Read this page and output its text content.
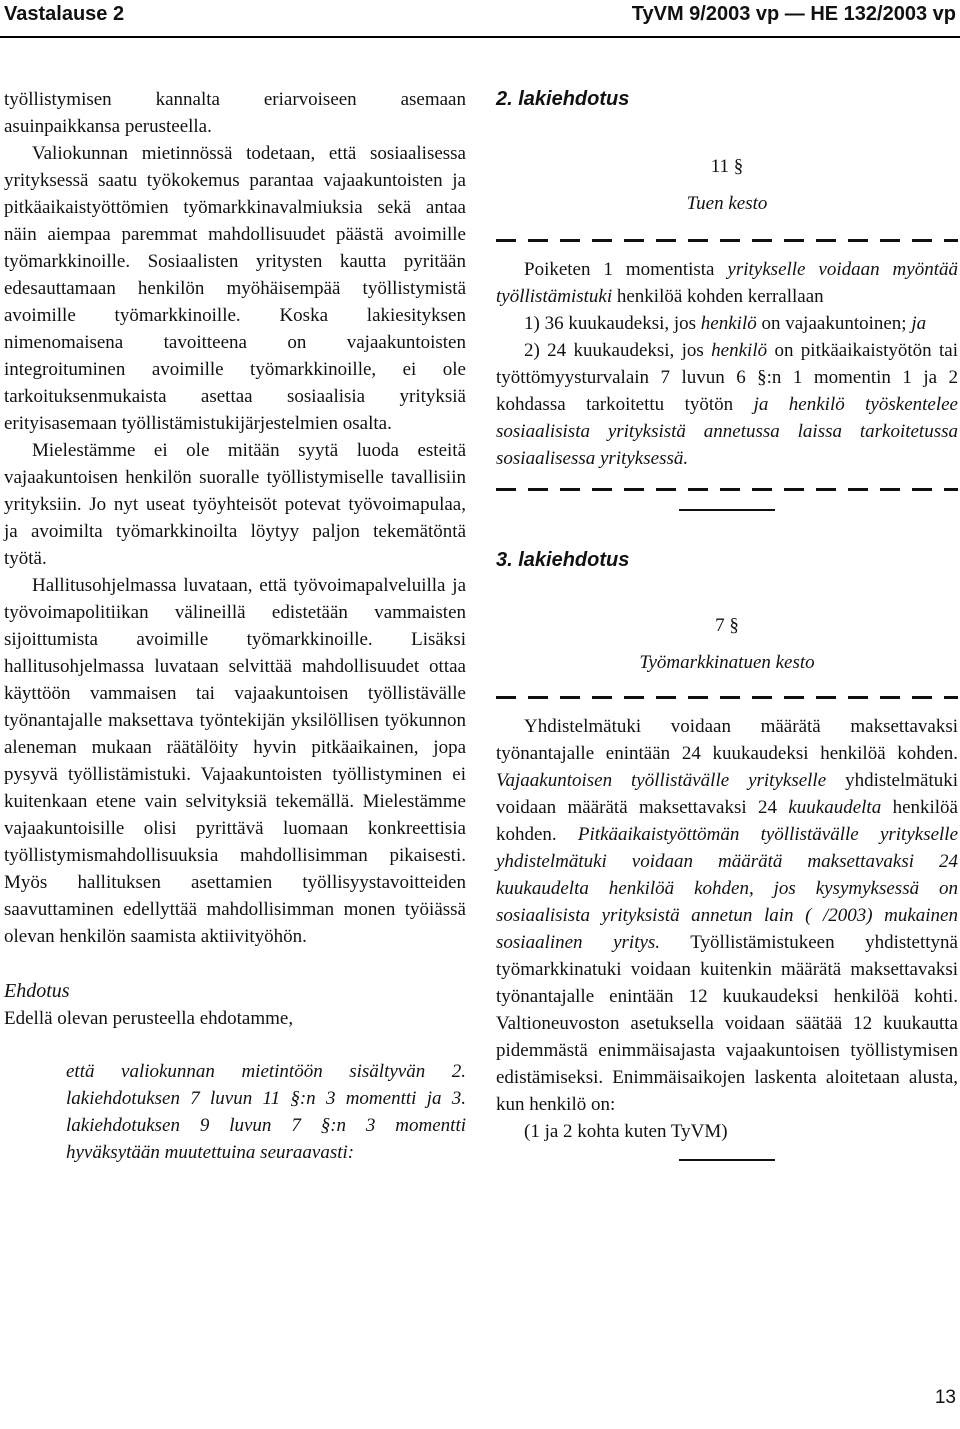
Vastalause 2	TyVM 9/2003 vp — HE 132/2003 vp

työllistymisen kannalta eriarvoiseen asemaan asuinpaikkansa perusteella.

Valiokunnan mietinnössä todetaan, että sosiaalisessa yrityksessä saatu työkokemus parantaa vajaakuntoisten ja pitkäaikaistyöttömien työmarkkinavalmiuksia sekä antaa näin aiempaa paremmat mahdollisuudet päästä avoimille työmarkkinoille. Sosiaalisten yritysten kautta pyritään edesauttamaan henkilön myöhäisempää työllistymistä avoimille työmarkkinoille. Koska lakiesityksen nimenomaisena tavoitteena on vajaakuntoisten integroituminen avoimille työmarkkinoille, ei ole tarkoituksenmukaista asettaa sosiaalisia yrityksiä erityisasemaan työllistämistukijärjestelmien osalta.

Mielestämme ei ole mitään syytä luoda esteitä vajaakuntoisen henkilön suoralle työllistymiselle tavallisiin yrityksiin. Jo nyt useat työyhteisöt potevat työvoimapulaa, ja avoimilta työmarkkinoilta löytyy paljon tekemätöntä työtä.

Hallitusohjelmassa luvataan, että työvoimapalveluilla ja työvoimapolitiikan välineillä edistetään vammaisten sijoittumista avoimille työmarkkinoille. Lisäksi hallitusohjelmassa luvataan selvittää mahdollisuudet ottaa käyttöön vammaisen tai vajaakuntoisen työllistävälle työnantajalle maksettava työntekijän yksilöllisen työkunnon aleneman mukaan räätälöity hyvin pitkäaikainen, jopa pysyvä työllistämistuki. Vajaakuntoisten työllistyminen ei kuitenkaan etene vain selvityksiä tekemällä. Mielestämme vajaakuntoisille olisi pyrittävä luomaan konkreettisia työllistymismahdollisuuksia mahdollisimman pikaisesti. Myös hallituksen asettamien työllisyystavoitteiden saavuttaminen edellyttää mahdollisimman monen työiässä olevan henkilön saamista aktiivityöhön.

Ehdotus

Edellä olevan perusteella ehdotamme,

että valiokunnan mietintöön sisältyvän 2. lakiehdotuksen 7 luvun 11 §:n 3 momentti ja 3. lakiehdotuksen 9 luvun 7 §:n 3 momentti hyväksytään muutettuina seuraavasti:

2. lakiehdotus

11 §

Tuen kesto

Poiketen 1 momentista yritykselle voidaan myöntää työllistämistuki henkilöä kohden kerrallaan

1) 36 kuukaudeksi, jos henkilö on vajaakuntoinen; ja

2) 24 kuukaudeksi, jos henkilö on pitkäaikaistyötön tai työttömyysturvalain 7 luvun 6 §:n 1 momentin 1 ja 2 kohdassa tarkoitettu työtön ja henkilö työskentelee sosiaalisista yrityksistä annetussa laissa tarkoitetussa sosiaalisessa yrityksessä.

3. lakiehdotus

7 §

Työmarkkinatuen kesto

Yhdistelmätuki voidaan määrätä maksettavaksi työnantajalle enintään 24 kuukaudeksi henkilöä kohden. Vajaakuntoisen työllistävälle yritykselle yhdistelmätuki voidaan määrätä maksettavaksi 24 kuukaudelta henkilöä kohden. Pitkäaikaistyöttömän työllistävälle yritykselle yhdistelmätuki voidaan määrätä maksettavaksi 24 kuukaudelta henkilöä kohden, jos kysymyksessä on sosiaalisista yrityksistä annetun lain ( /2003) mukainen sosiaalinen yritys. Työllistämistukeen yhdistettynä työmarkkinatuki voidaan kuitenkin määrätä maksettavaksi työnantajalle enintään 12 kuukaudeksi henkilöä kohti. Valtioneuvoston asetuksella voidaan säätää 12 kuukautta pidemmästä enimmäisajasta vajaakuntoisen työllistymisen edistämiseksi. Enimmäisaikojen laskenta aloitetaan alusta, kun henkilö on:

(1 ja 2 kohta kuten TyVM)

13
